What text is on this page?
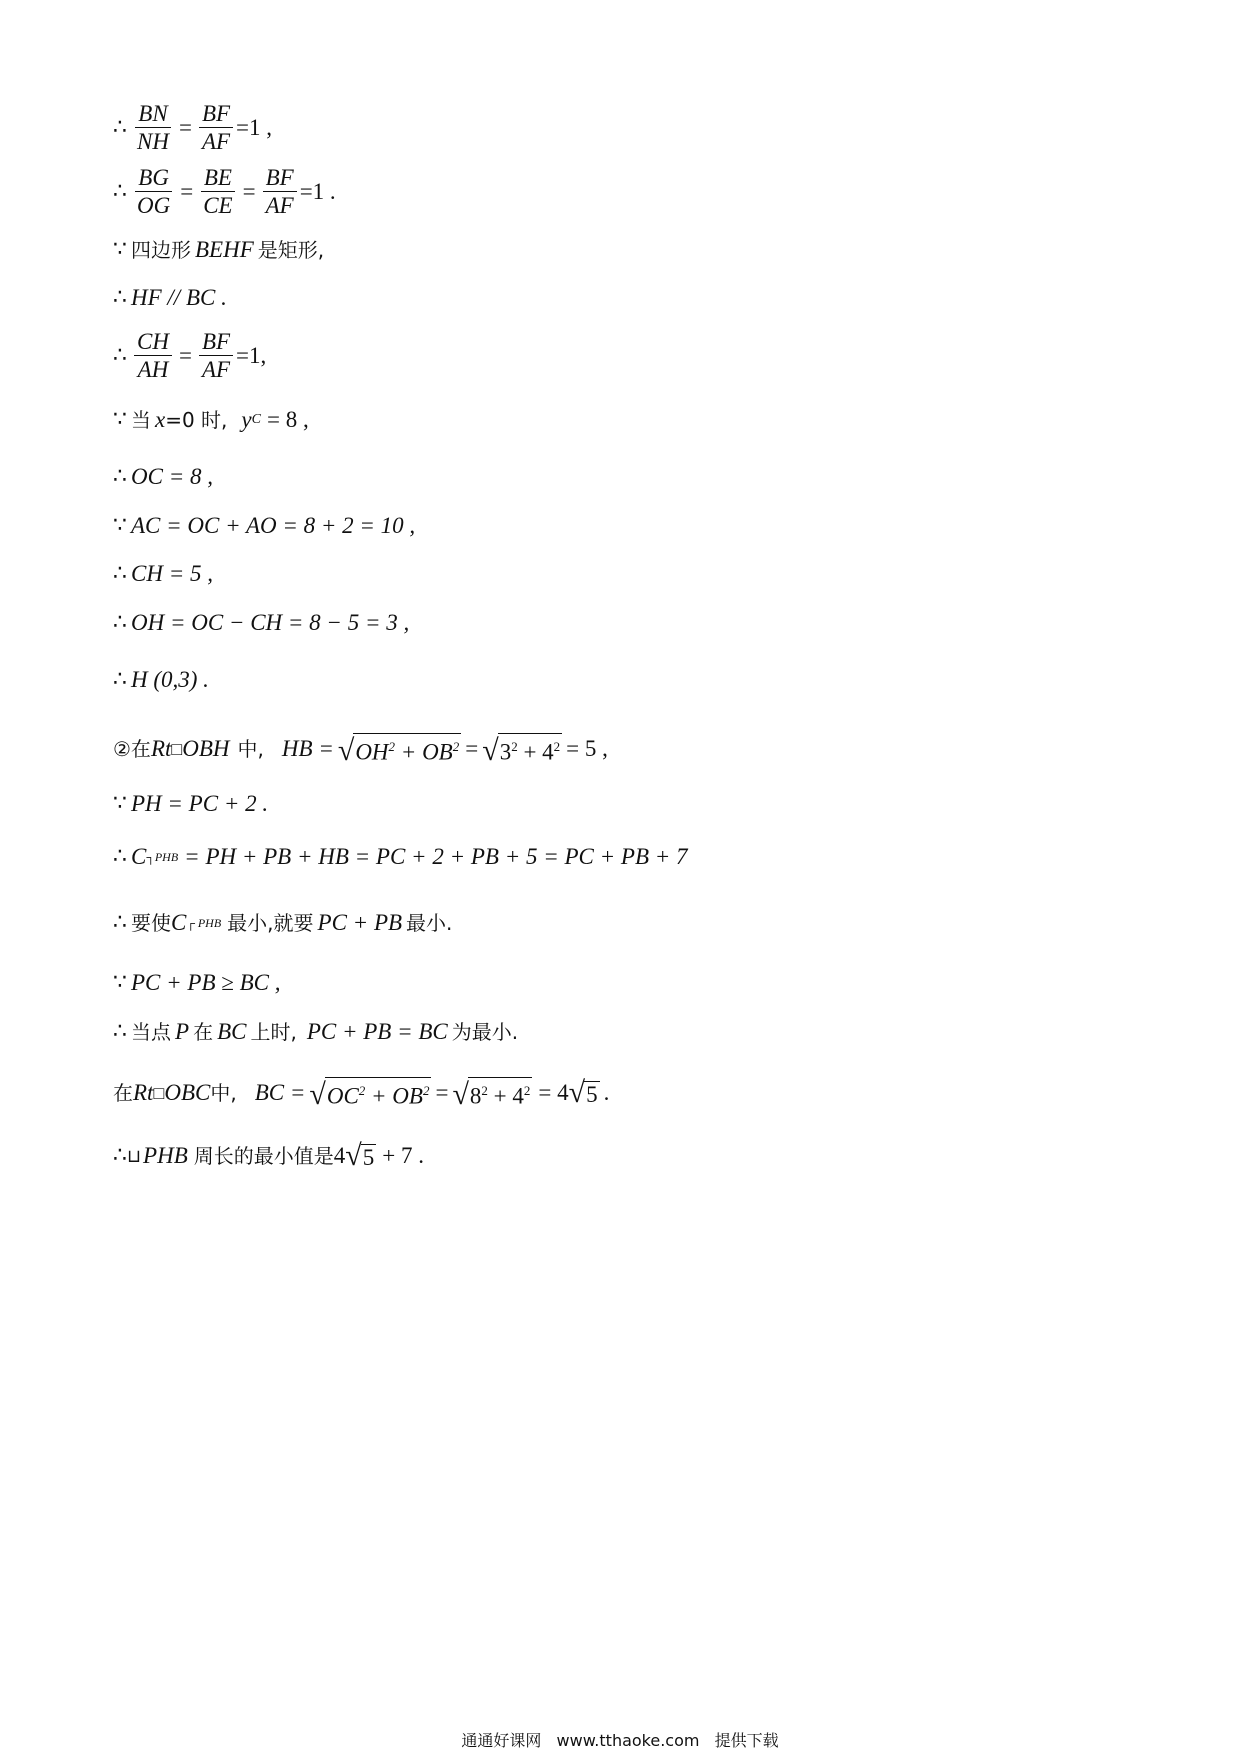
∴ $\frac{BN}{NH} = \frac{BF}{AF} =1$ ,
∴ $\frac{BG}{OG} = \frac{BE}{CE} = \frac{BF}{AF} =1$ .
∵ 四边形 BEHF 是矩形,
∴ HF // BC .
∴ $\frac{CH}{AH} = \frac{BF}{AF} =1$,
∵ 当 x =0 时, y C = 8 ,
∴ OC = 8 ,
∵ AC = OC + AO = 8 + 2 = 10 ,
∴ CH = 5 ,
∴ OH = OC − CH = 8 − 5 = 3 ,
∴ H (0,3) .
②在 Rt □ OBH 中, HB = √ $OH^2 + OB^2$ = √ $3^2 + 4^2 = 5$ ,
∵ PH = PC + 2 .
∴ C ┐PHB = PH + PB + HB = PC + 2 + PB + 5 = PC + PB + 7
∴ 要使 C ┌ PHB 最小,就要 PC + PB 最小.
∵ PC + PB ≥ BC ,
∴ 当点 P 在 BC 上时, PC + PB = BC 为最小.
在 Rt □ OBC 中, BC = √ $OC^2 + OB^2$ = √ $8^2 + 4^2 = 4$ √ 5 .
∴ ⊔ PHB 周长的最小值是 4 √ 5 + 7 .
通通好课网 www.tthaoke.com 提供下载
